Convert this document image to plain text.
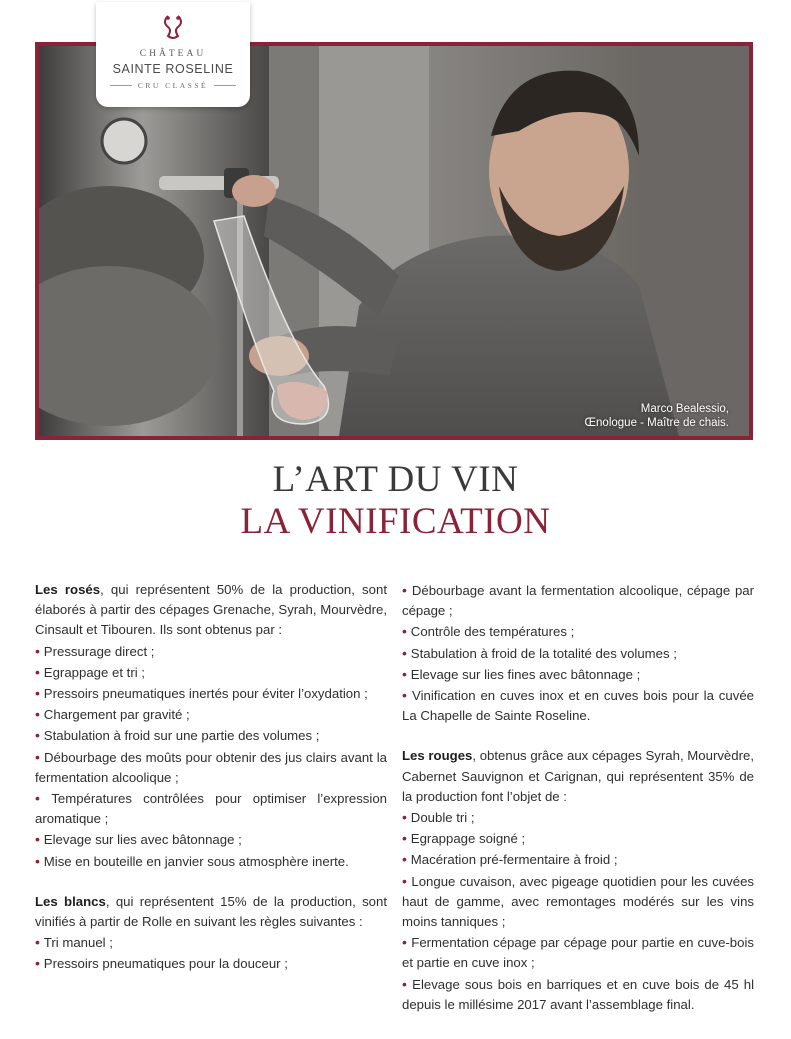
Marco Bealessio,
Œnologue - Maître de chais.
CHÂTEAU
SAINTE ROSELINE
CRU CLASSÉ
L’ART DU VIN
LA VINIFICATION

Les rosés, qui représentent 50% de la production, sont élaborés à partir des cépages Grenache, Syrah, Mourvèdre, Cinsault et Tibouren. Ils sont obtenus par :

• Pressurage direct ;

• Egrappage et tri ;

• Pressoirs pneumatiques inertés pour éviter l’oxydation ;

• Chargement par gravité ;

• Stabulation à froid sur une partie des volumes ;

• Débourbage des moûts pour obtenir des jus clairs avant la fermentation alcoolique ;

• Températures contrôlées pour optimiser l’expression aromatique ;

• Elevage sur lies avec bâtonnage ;

• Mise en bouteille en janvier sous atmosphère inerte.

Les blancs, qui représentent 15% de la production, sont vinifiés à partir de Rolle en suivant les règles suivantes :

• Tri manuel ;

• Pressoirs pneumatiques pour la douceur ;

• Débourbage avant la fermentation alcoolique, cépage par cépage ;

• Contrôle des températures ;

• Stabulation à froid de la totalité des volumes ;

• Elevage sur lies fines avec bâtonnage ;

• Vinification en cuves inox et en cuves bois pour la cuvée La Chapelle de Sainte Roseline.

Les rouges, obtenus grâce aux cépages Syrah, Mourvèdre, Cabernet Sauvignon et Carignan, qui représentent 35% de la production font l’objet de :

• Double tri ;

• Egrappage soigné ;

• Macération pré-fermentaire à froid ;

• Longue cuvaison, avec pigeage quotidien pour les cuvées haut de gamme, avec remontages modérés sur les vins moins tanniques ;

• Fermentation cépage par cépage pour partie en cuve-bois et partie en cuve inox ;

• Elevage sous bois en barriques et en cuve bois de 45 hl depuis le millésime 2017 avant l’assemblage final.
